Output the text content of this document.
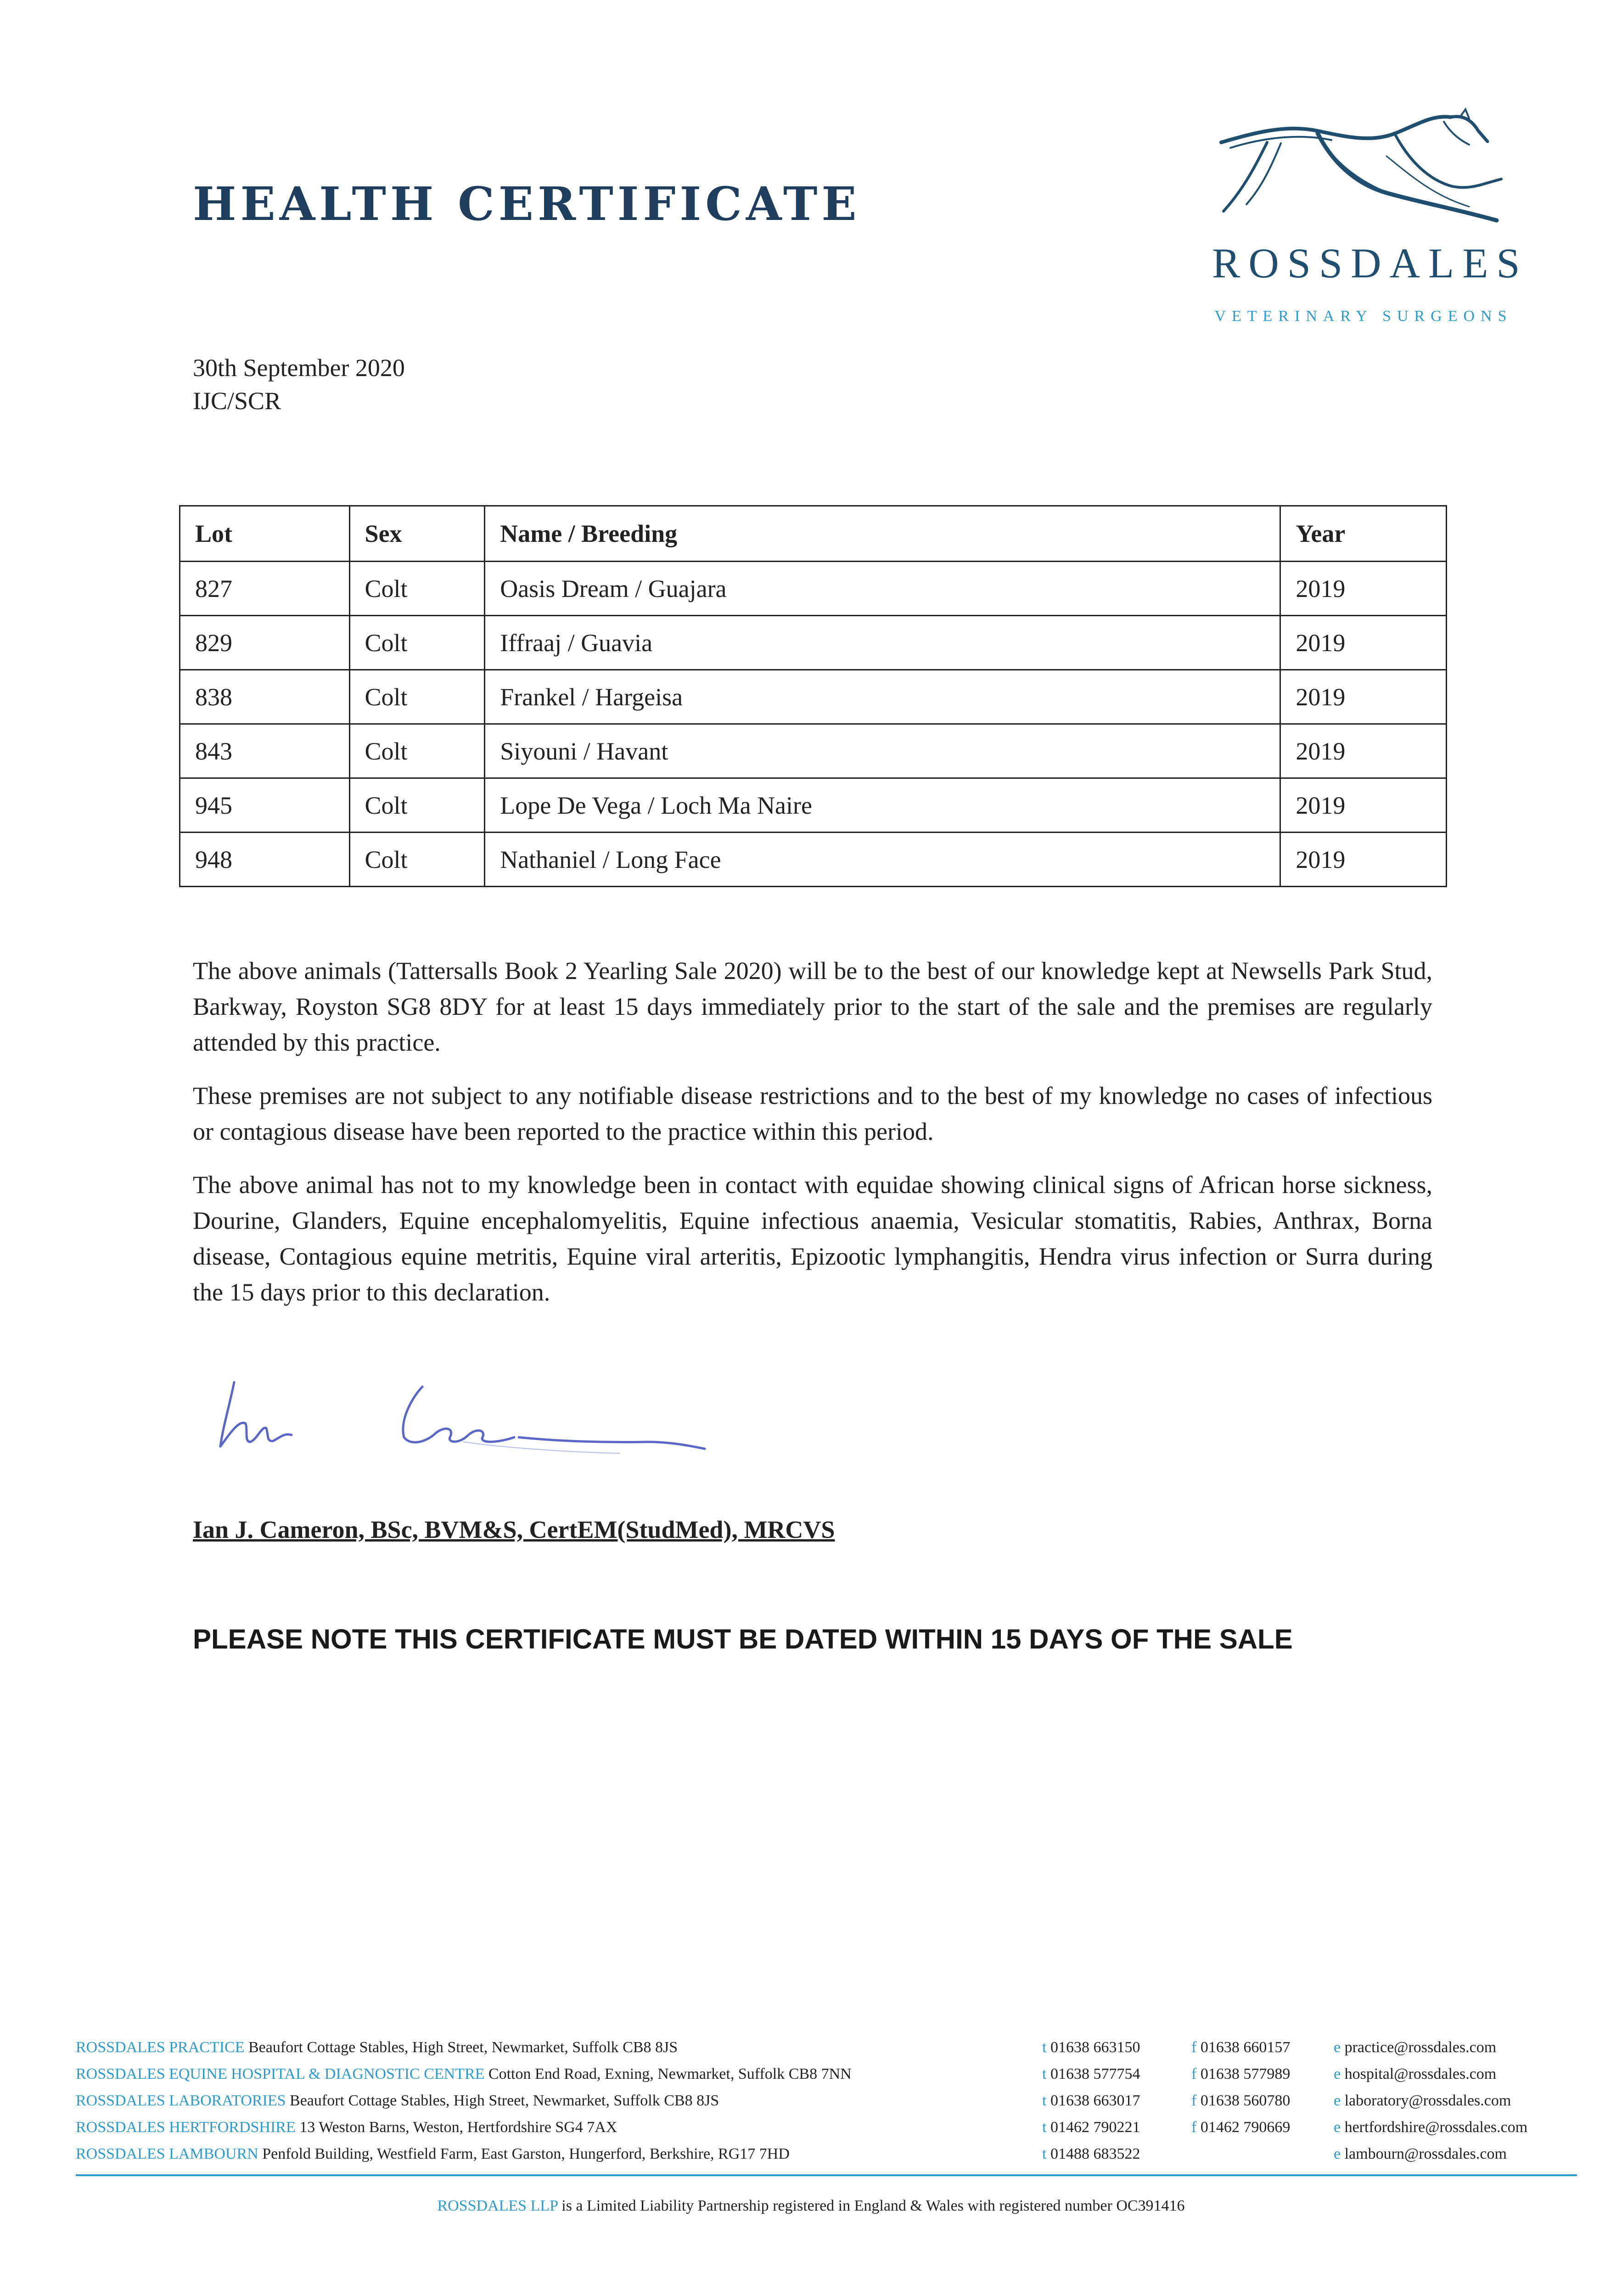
HEALTH CERTIFICATE
ROSSDALES
VETERINARY SURGEONS
30th September 2020
IJC/SCR
Lot	Sex	Name / Breeding	Year
827	Colt	Oasis Dream / Guajara	2019
829	Colt	Iffraaj / Guavia	2019
838	Colt	Frankel / Hargeisa	2019
843	Colt	Siyouni / Havant	2019
945	Colt	Lope De Vega / Loch Ma Naire	2019
948	Colt	Nathaniel / Long Face	2019

The above animals (Tattersalls Book 2 Yearling Sale 2020) will be to the best of our knowledge kept at Newsells Park Stud, Barkway, Royston SG8 8DY for at least 15 days immediately prior to the start of the sale and the premises are regularly attended by this practice.

These premises are not subject to any notifiable disease restrictions and to the best of my knowledge no cases of infectious or contagious disease have been reported to the practice within this period.

The above animal has not to my knowledge been in contact with equidae showing clinical signs of African horse sickness, Dourine, Glanders, Equine encephalomyelitis, Equine infectious anaemia, Vesicular stomatitis, Rabies, Anthrax, Borna disease, Contagious equine metritis, Equine viral arteritis, Epizootic lymphangitis, Hendra virus infection or Surra during the 15 days prior to this declaration.

Ian J. Cameron, BSc, BVM&S, CertEM(StudMed), MRCVS
PLEASE NOTE THIS CERTIFICATE MUST BE DATED WITHIN 15 DAYS OF THE SALE
ROSSDALES PRACTICE Beaufort Cottage Stables, High Street, Newmarket, Suffolk CB8 8JS	t 01638 663150	f 01638 660157	e practice@rossdales.com
ROSSDALES EQUINE HOSPITAL & DIAGNOSTIC CENTRE Cotton End Road, Exning, Newmarket, Suffolk CB8 7NN	t 01638 577754	f 01638 577989	e hospital@rossdales.com
ROSSDALES LABORATORIES Beaufort Cottage Stables, High Street, Newmarket, Suffolk CB8 8JS	t 01638 663017	f 01638 560780	e laboratory@rossdales.com
ROSSDALES HERTFORDSHIRE 13 Weston Barns, Weston, Hertfordshire SG4 7AX	t 01462 790221	f 01462 790669	e hertfordshire@rossdales.com
ROSSDALES LAMBOURN Penfold Building, Westfield Farm, East Garston, Hungerford, Berkshire, RG17 7HD	t 01488 683522	e lambourn@rossdales.com
ROSSDALES LLP is a Limited Liability Partnership registered in England & Wales with registered number OC391416
